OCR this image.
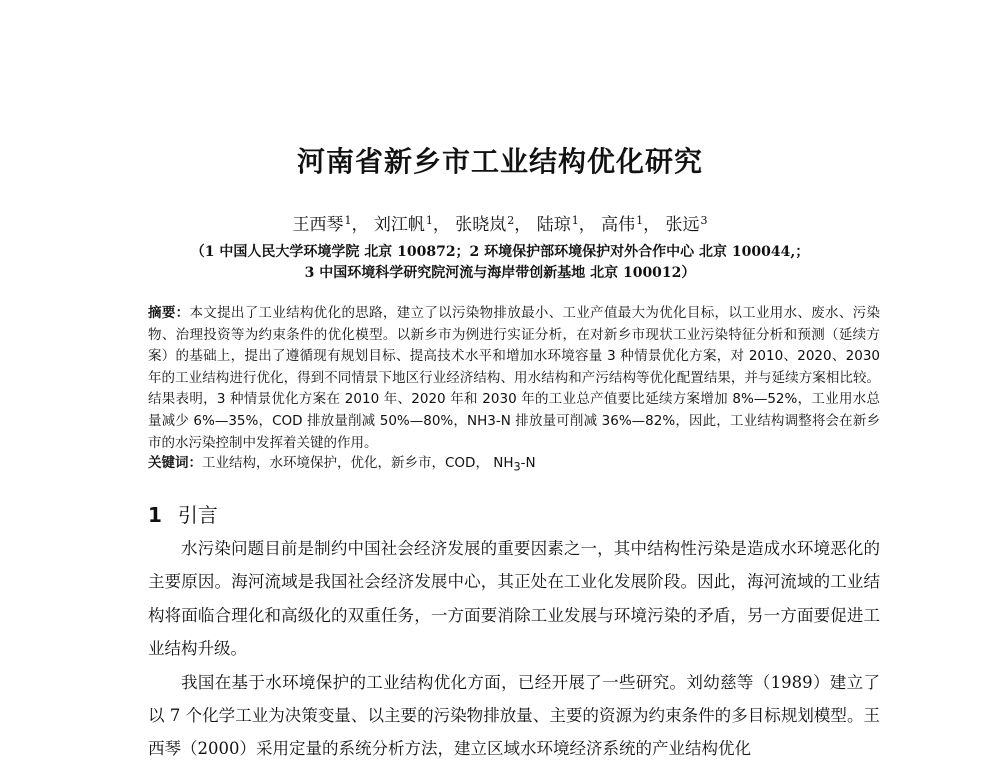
河南省新乡市工业结构优化研究
王西琴$^1$， 刘江帆$^1$， 张晓岚$^2$， 陆琼$^1$， 高伟$^1$， 张远$^3$
（1 中国人民大学环境学院 北京 100872；2 环境保护部环境保护对外合作中心 北京 100044,；
3 中国环境科学研究院河流与海岸带创新基地 北京 100012）
摘要：本文提出了工业结构优化的思路，建立了以污染物排放最小、工业产值最大为优化目标，以工业用水、废水、污染物、治理投资等为约束条件的优化模型。以新乡市为例进行实证分析，在对新乡市现状工业污染特征分析和预测（延续方案）的基础上，提出了遵循现有规划目标、提高技术水平和增加水环境容量 3 种情景优化方案，对 2010、2020、2030 年的工业结构进行优化，得到不同情景下地区行业经济结构、用水结构和产污结构等优化配置结果，并与延续方案相比较。结果表明，3 种情景优化方案在 2010 年、2020 年和 2030 年的工业总产值要比延续方案增加 8%—52%，工业用水总量减少 6%—35%，COD 排放量削减 50%—80%，NH3-N 排放量可削减 36%—82%，因此，工业结构调整将会在新乡市的水污染控制中发挥着关键的作用。
关键词：工业结构，水环境保护，优化，新乡市，COD， $NH_3-N$
1 引言

水污染问题目前是制约中国社会经济发展的重要因素之一，其中结构性污染是造成水环境恶化的主要原因。海河流域是我国社会经济发展中心，其正处在工业化发展阶段。因此，海河流域的工业结构将面临合理化和高级化的双重任务，一方面要消除工业发展与环境污染的矛盾，另一方面要促进工业结构升级。

我国在基于水环境保护的工业结构优化方面，已经开展了一些研究。刘幼慈等（1989）建立了以 7 个化学工业为决策变量、以主要的污染物排放量、主要的资源为约束条件的多目标规划模型。王西琴（2000）采用定量的系统分析方法，建立区域水环境经济系统的产业结构优化
